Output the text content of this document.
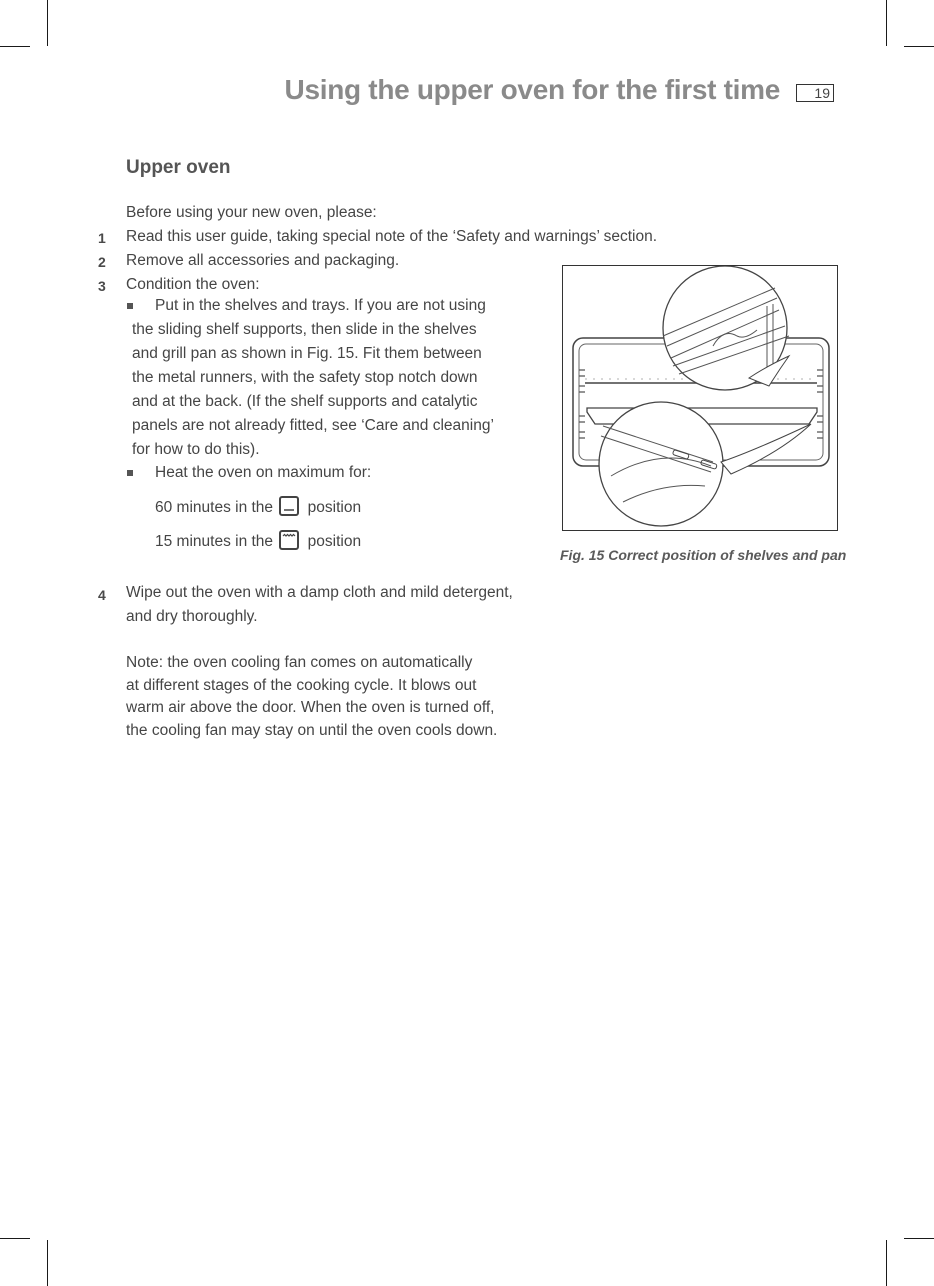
Using the upper oven for the first time	19
Upper oven
Before using your new oven, please:
1 Read this user guide, taking special note of the ‘Safety and warnings’ section.
2 Remove all accessories and packaging.
3 Condition the oven:
Put in the shelves and trays. If you are not using
the sliding shelf supports, then slide in the shelves
and grill pan as shown in Fig. 15. Fit them between
the metal runners, with the safety stop notch down
and at the back. (If the shelf supports and catalytic
panels are not already fitted, see ‘Care and cleaning’
for how to do this).
Heat the oven on maximum for:
60 minutes in the position
15 minutes in the position
4 Wipe out the oven with a damp cloth and mild detergent,
and dry thoroughly.
Note: the oven cooling fan comes on automatically
at different stages of the cooking cycle. It blows out
warm air above the door. When the oven is turned off,
the cooling fan may stay on until the oven cools down.
Fig. 15 Correct position of shelves and pan
